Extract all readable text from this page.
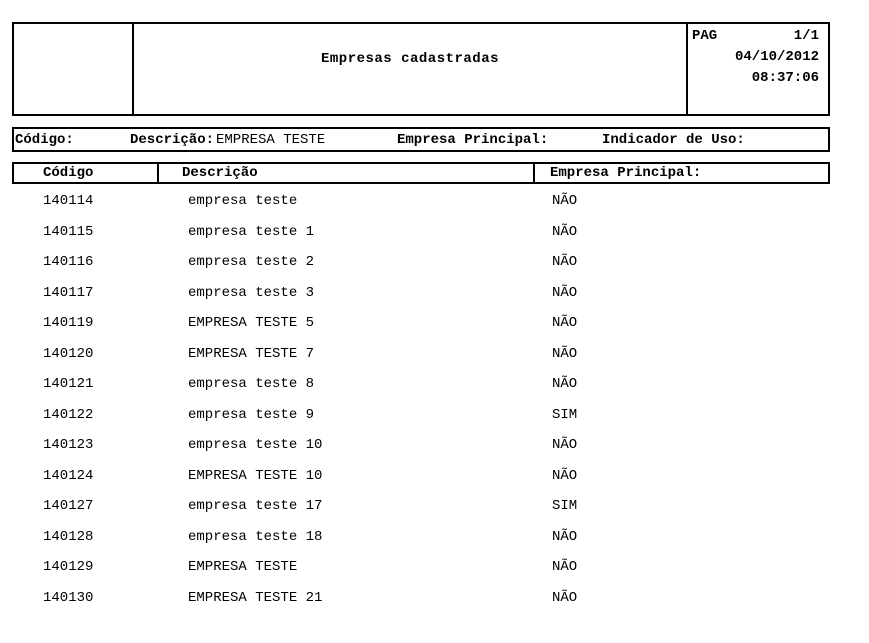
Empresas cadastradas
PAG	1/1
04/10/2012
08:37:06
Código:	Descrição: EMPRESA TESTE	Empresa Principal:	Indicador de Uso:
Código	Descrição	Empresa Principal:
140114	empresa teste	NÃO
140115	empresa teste 1	NÃO
140116	empresa teste 2	NÃO
140117	empresa teste 3	NÃO
140119	EMPRESA TESTE 5	NÃO
140120	EMPRESA TESTE 7	NÃO
140121	empresa teste 8	NÃO
140122	empresa teste 9	SIM
140123	empresa teste 10	NÃO
140124	EMPRESA TESTE 10	NÃO
140127	empresa teste 17	SIM
140128	empresa teste 18	NÃO
140129	EMPRESA TESTE	NÃO
140130	EMPRESA TESTE 21	NÃO
